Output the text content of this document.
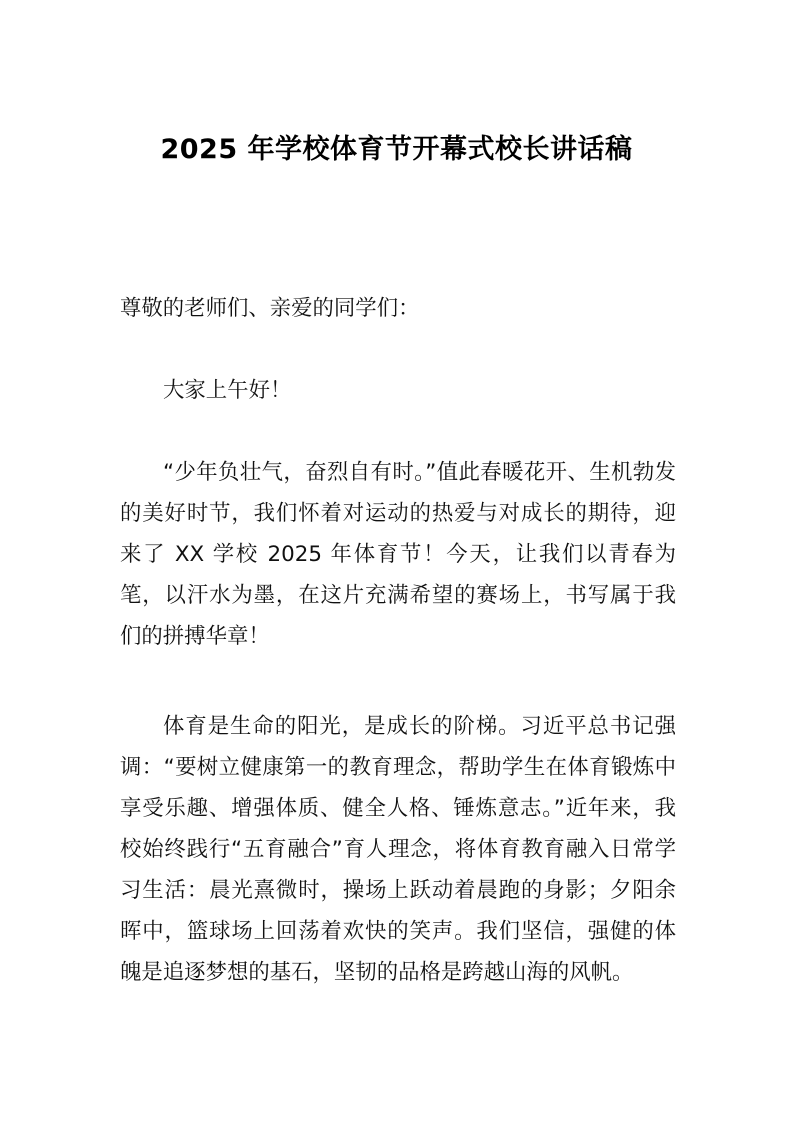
2025 年学校体育节开幕式校长讲话稿
尊敬的老师们、亲爱的同学们：
大家上午好！
“少年负壮气，奋烈自有时。”值此春暖花开、生机勃发的美好时节，我们怀着对运动的热爱与对成长的期待，迎来了 XX 学校 2025 年体育节！今天，让我们以青春为笔，以汗水为墨，在这片充满希望的赛场上，书写属于我们的拼搏华章！
体育是生命的阳光，是成长的阶梯。习近平总书记强调：“要树立健康第一的教育理念，帮助学生在体育锻炼中享受乐趣、增强体质、健全人格、锤炼意志。”近年来，我校始终践行“五育融合”育人理念，将体育教育融入日常学习生活：晨光熹微时，操场上跃动着晨跑的身影；夕阳余晖中，篮球场上回荡着欢快的笑声。我们坚信，强健的体魄是追逐梦想的基石，坚韧的品格是跨越山海的风帆。
